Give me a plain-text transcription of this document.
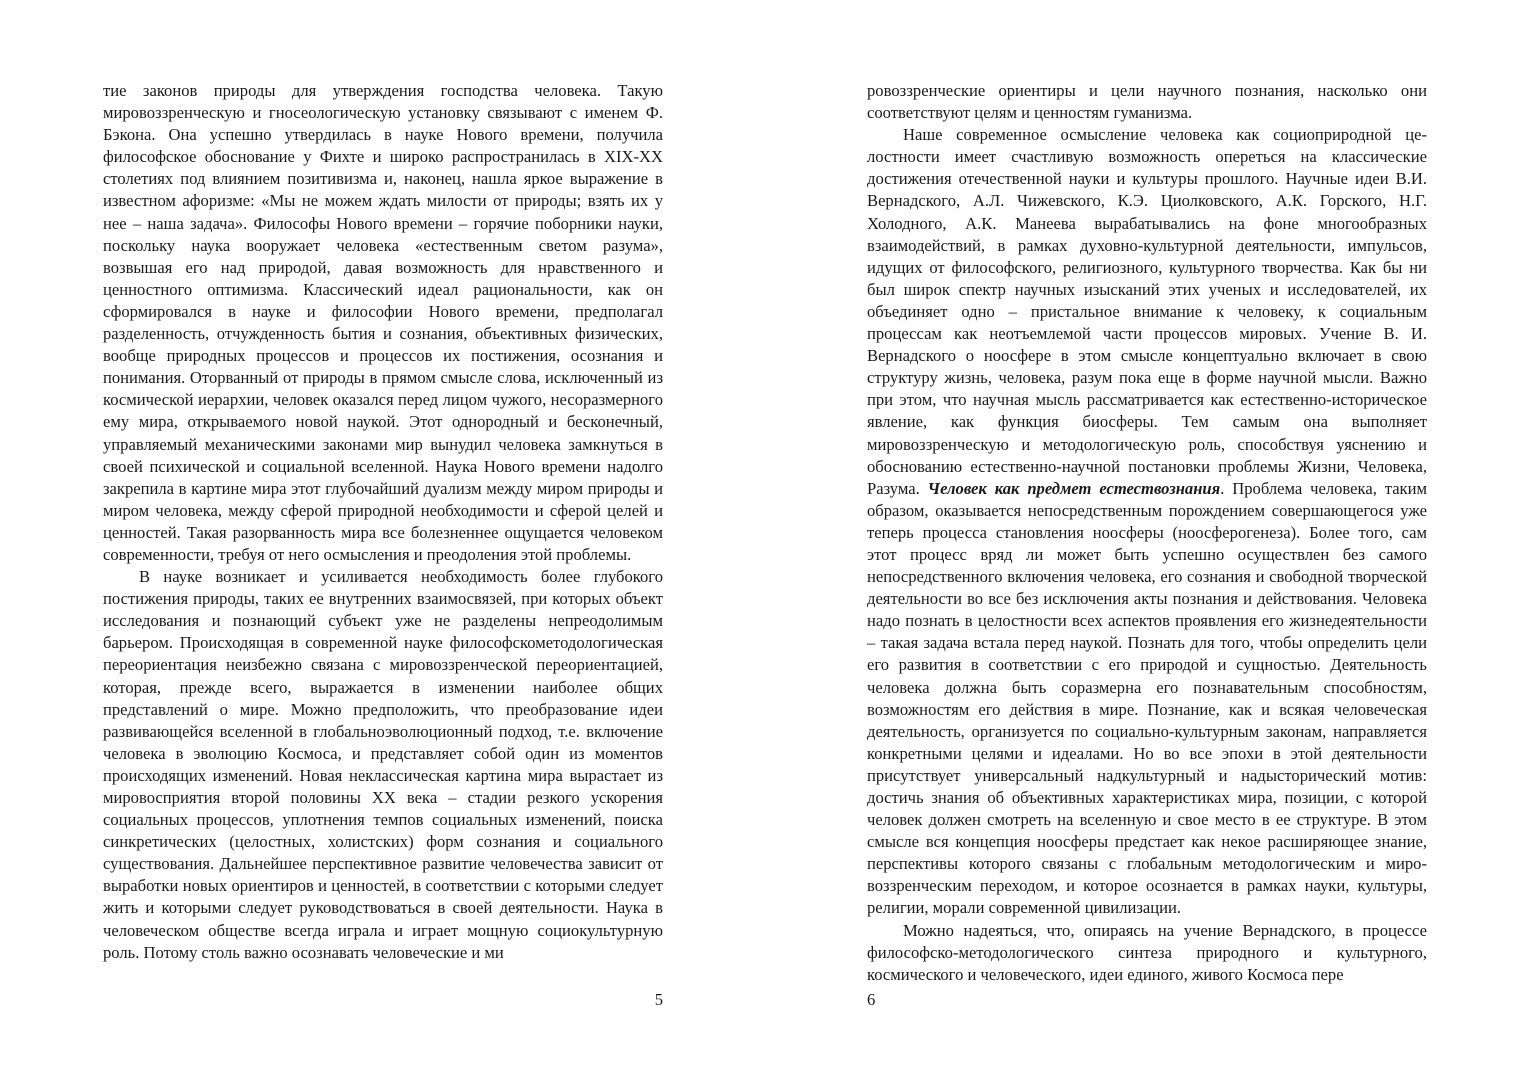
тие законов природы для утверждения господства человека. Такую мировоззренческую и гносеологическую установку связывают с именем Ф. Бэкона. Она успешно утвердилась в науке Нового времени, получила философское обоснование у Фихте и широко распространилась в XIX-XX столетиях под влиянием позитивизма и, наконец, нашла яркое выражение в известном афоризме: «Мы не можем ждать милости от природы; взять их у нее – наша задача». Философы Нового времени – горячие поборники науки, поскольку наука вооружает человека «естественным светом разума», возвышая его над природой, давая возможность для нравственного и ценностного оптимизма. Классический идеал рациональности, как он сформировался в науке и философии Нового времени, предполагал разделенность, отчужденность бытия и сознания, объективных физических, вообще природных процессов и процессов их постижения, осознания и понимания. Оторванный от природы в прямом смысле слова, исключенный из космической иерархии, человек оказался перед лицом чужого, несоразмерного ему мира, открываемого новой наукой. Этот однородный и бесконечный, управляемый механическими законами мир вынудил человека замкнуться в своей психической и социальной вселенной. Наука Нового времени надолго закрепила в картине мира этот глубочайший дуализм между миром природы и миром человека, между сферой природной необходимости и сферой целей и ценностей. Такая разорванность мира все болезненнее ощущается человеком современности, требуя от него осмысления и преодоления этой проблемы.

В науке возникает и усиливается необходимость более глубокого постижения природы, таких ее внутренних взаимосвязей, при которых объект исследования и познающий субъект уже не разделены непреодолимым барьером. Происходящая в современной науке философскометодологическая переориентация неизбежно связана с мировоззренческой переориентацией, которая, прежде всего, выражается в изменении наиболее общих представлений о мире. Можно предположить, что преобразование идеи развивающейся вселенной в глобальноэволюционный подход, т.е. включение человека в эволюцию Космоса, и представляет собой один из моментов происходящих изменений. Новая неклассическая картина мира вырастает из мировосприятия второй половины XX века – стадии резкого ускорения социальных процессов, уплотнения темпов социальных изменений, поиска синкретических (целостных, холистских) форм сознания и социального существования. Дальнейшее перспективное развитие человечества зависит от выработки новых ориентиров и ценностей, в соответствии с которыми следует жить и которыми следует руководствоваться в своей деятельности. Наука в человеческом обществе всегда играла и играет мощную социокультурную роль. Потому столь важно осознавать человеческие и ми

5

ровоззренческие ориентиры и цели научного познания, насколько они соответствуют целям и ценностям гуманизма.

Наше современное осмысление человека как социоприродной целостности имеет счастливую возможность опереться на классические достижения отечественной науки и культуры прошлого. Научные идеи В.И. Вернадского, А.Л. Чижевского, К.Э. Циолковского, А.К. Горского, Н.Г. Холодного, А.К. Манеева вырабатывались на фоне многообразных взаимодействий, в рамках духовно-культурной деятельности, импульсов, идущих от философского, религиозного, культурного творчества. Как бы ни был широк спектр научных изысканий этих ученых и исследователей, их объединяет одно – пристальное внимание к человеку, к социальным процессам как неотъемлемой части процессов мировых. Учение В. И. Вернадского о ноосфере в этом смысле концептуально включает в свою структуру жизнь, человека, разум пока еще в форме научной мысли. Важно при этом, что научная мысль рассматривается как естественно-историческое явление, как функция биосферы. Тем самым она выполняет мировоззренческую и методологическую роль, способствуя уяснению и обоснованию естественно-научной постановки проблемы Жизни, Человека, Разума. Человек как предмет естествознания. Проблема человека, таким образом, оказывается непосредственным порождением совершающегося уже теперь процесса становления ноосферы (ноосферогенеза). Более того, сам этот процесс вряд ли может быть успешно осуществлен без самого непосредственного включения человека, его сознания и свободной творческой деятельности во все без исключения акты познания и действования. Человека надо познать в целостности всех аспектов проявления его жизнедеятельности – такая задача встала перед наукой. Познать для того, чтобы определить цели его развития в соответствии с его природой и сущностью. Деятельность человека должна быть соразмерна его познавательным способностям, возможностям его действия в мире. Познание, как и всякая человеческая деятельность, организуется по социально-культурным законам, направляется конкретными целями и идеалами. Но во все эпохи в этой деятельности присутствует универсальный надкультурный и надысторический мотив: достичь знания об объективных характеристиках мира, позиции, с которой человек должен смотреть на вселенную и свое место в ее структуре. В этом смысле вся концепция ноосферы предстает как некое расширяющее знание, перспективы которого связаны с глобальным методологическим и мировоззренческим переходом, и которое осознается в рамках науки, культуры, религии, морали современной цивилизации.

Можно надеяться, что, опираясь на учение Вернадского, в процессе философско-методологического синтеза природного и культурного, космического и человеческого, идеи единого, живого Космоса пере

6
